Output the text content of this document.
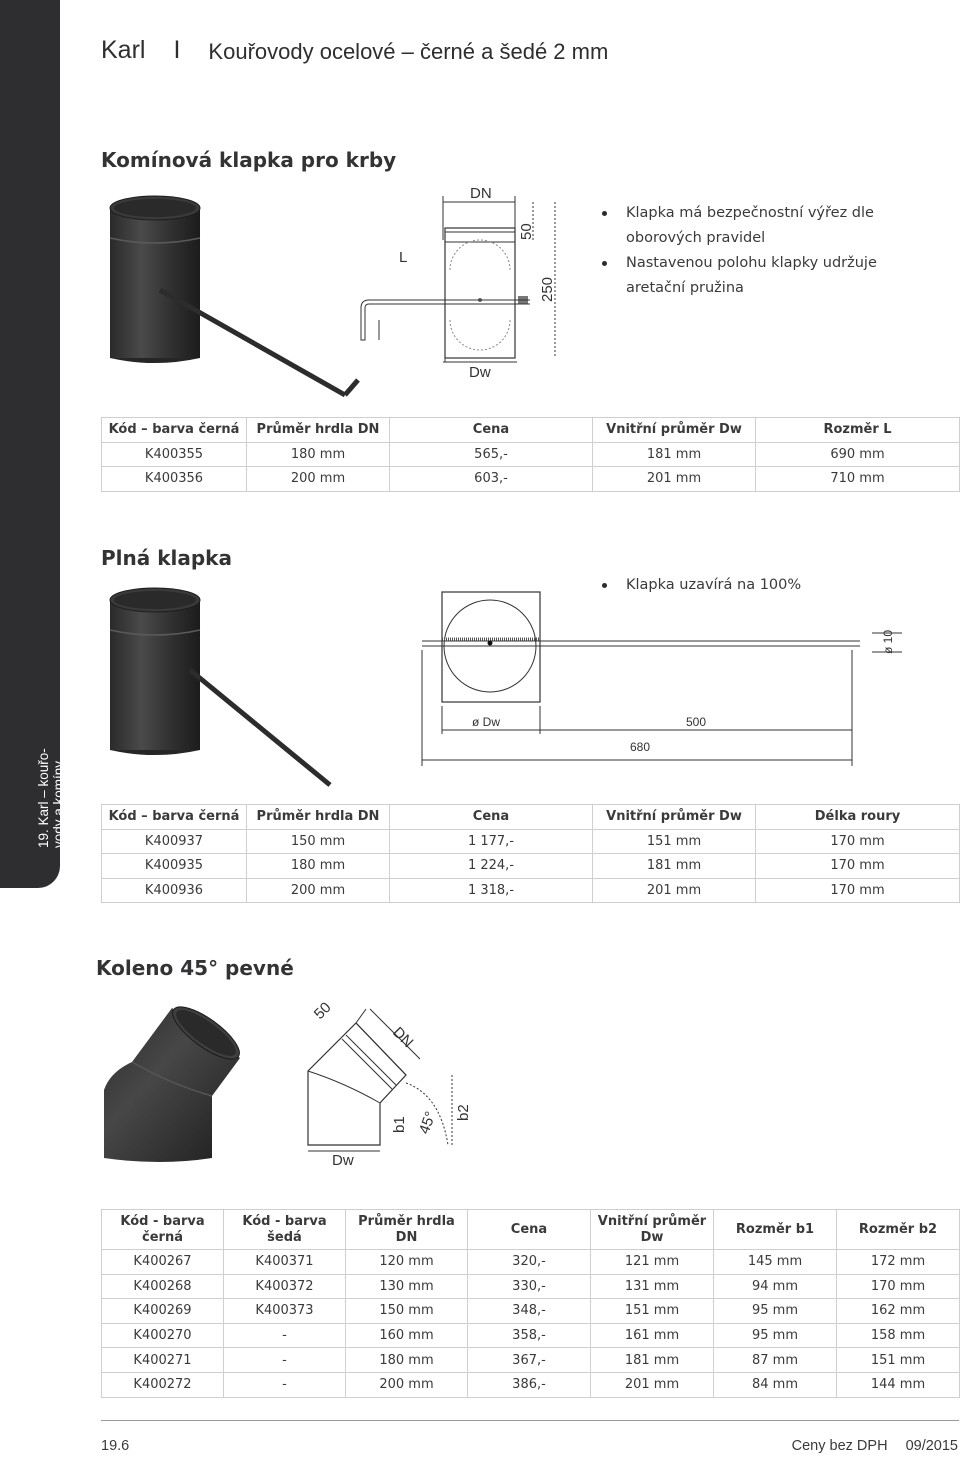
19. Karl – kouřo- vody a komíny
Karl I Kouřovody ocelové – černé a šedé 2 mm
Komínová klapka pro krby
DN
L
50
250
Dw
Klapka má bezpečnostní výřez dle oborových pravidel
Nastavenou polohu klapky udržuje aretační pružina
Kód – barva černá	Průměr hrdla DN	Cena	Vnitřní průměr Dw	Rozměr L
K400355	180 mm	565,-	181 mm	690 mm
K400356	200 mm	603,-	201 mm	710 mm
Plná klapka
ø 10
ø Dw	500
680
Klapka uzavírá na 100%
Kód – barva černá	Průměr hrdla DN	Cena	Vnitřní průměr Dw	Délka roury
K400937	150 mm	1 177,-	151 mm	170 mm
K400935	180 mm	1 224,-	181 mm	170 mm
K400936	200 mm	1 318,-	201 mm	170 mm
Koleno 45° pevné
50
DN
Dw
b1 45° b2
Kód - barva černá	Kód - barva šedá	Průměr hrdla DN	Cena	Vnitřní průměr Dw	Rozměr b1	Rozměr b2
K400267	K400371	120 mm	320,-	121 mm	145 mm	172 mm
K400268	K400372	130 mm	330,-	131 mm	94 mm	170 mm
K400269	K400373	150 mm	348,-	151 mm	95 mm	162 mm
K400270	-	160 mm	358,-	161 mm	95 mm	158 mm
K400271	-	180 mm	367,-	181 mm	87 mm	151 mm
K400272	-	200 mm	386,-	201 mm	84 mm	144 mm
19.6	Ceny bez DPH 09/2015
